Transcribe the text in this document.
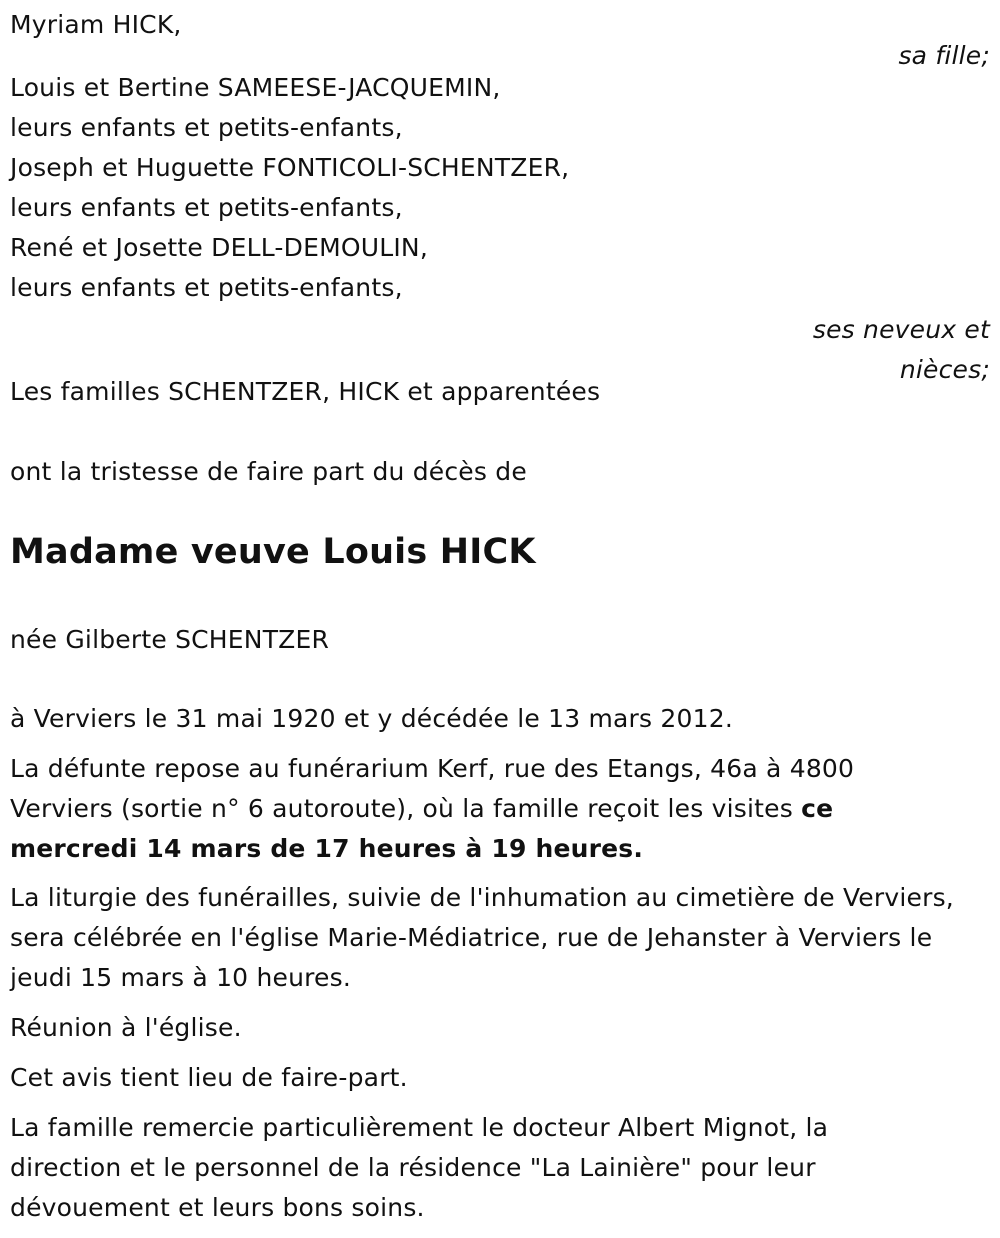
Myriam HICK,
sa fille;
Louis et Bertine SAMEESE-JACQUEMIN,
leurs enfants et petits-enfants,
Joseph et Huguette FONTICOLI-SCHENTZER,
leurs enfants et petits-enfants,
René et Josette DELL-DEMOULIN,
leurs enfants et petits-enfants,
ses neveux et
nièces;
Les familles SCHENTZER, HICK et apparentées
ont la tristesse de faire part du décès de
Madame veuve Louis HICK
née Gilberte SCHENTZER
à Verviers le 31 mai 1920 et y décédée le 13 mars 2012.

La défunte repose au funérarium Kerf, rue des Etangs, 46a à 4800 Verviers (sortie n° 6 autoroute), où la famille reçoit les visites ce mercredi 14 mars de 17 heures à 19 heures.

La liturgie des funérailles, suivie de l'inhumation au cimetière de Verviers, sera célébrée en l'église Marie-Médiatrice, rue de Jehanster à Verviers le jeudi 15 mars à 10 heures.

Réunion à l'église.
Cet avis tient lieu de faire-part.

La famille remercie particulièrement le docteur Albert Mignot, la direction et le personnel de la résidence "La Lainière" pour leur dévouement et leurs bons soins.
